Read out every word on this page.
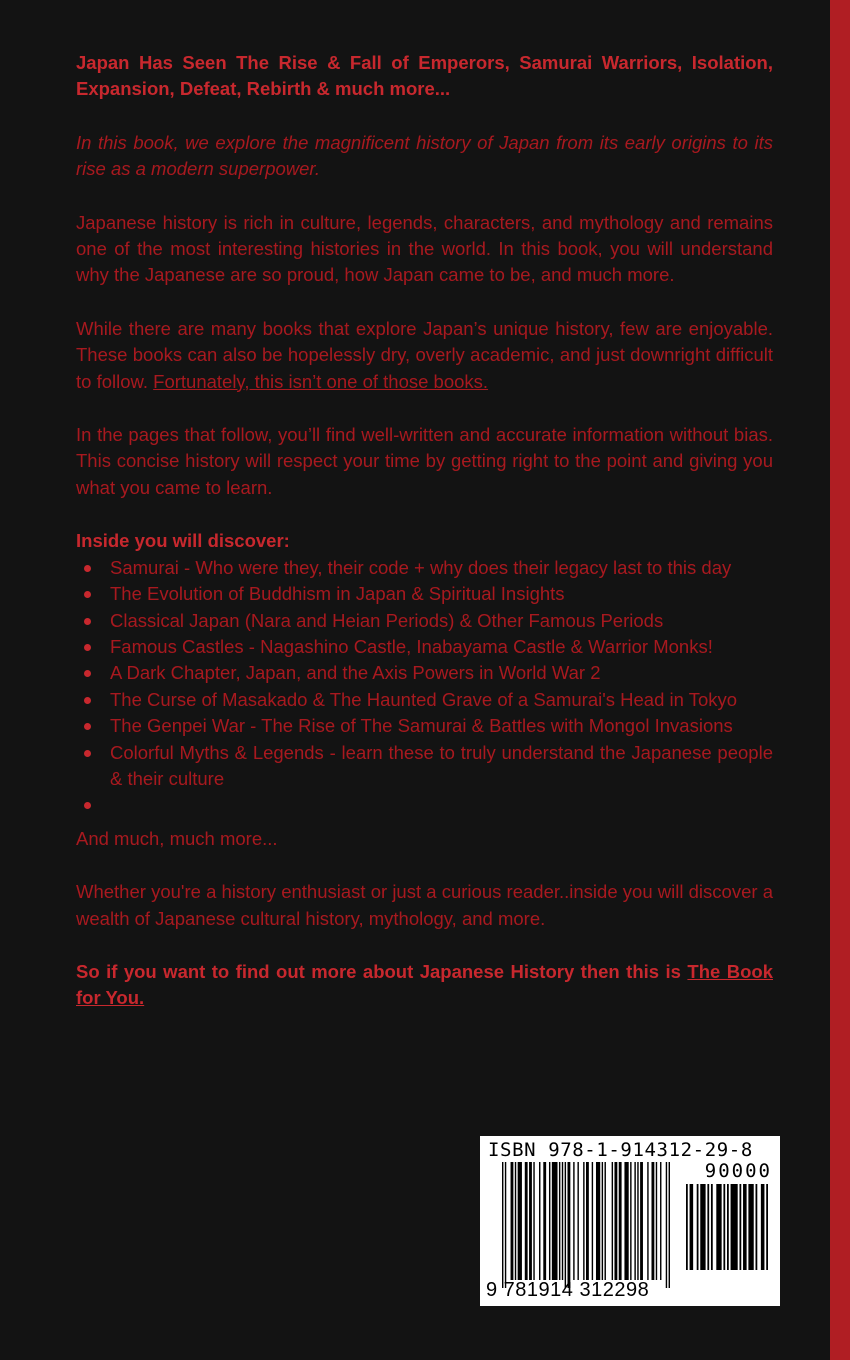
Japan Has Seen The Rise & Fall of Emperors, Samurai Warriors, Isolation, Expansion, Defeat, Rebirth & much more...

In this book, we explore the magnificent history of Japan from its early origins to its rise as a modern superpower.

Japanese history is rich in culture, legends, characters, and mythology and remains one of the most interesting histories in the world. In this book, you will understand why the Japanese are so proud, how Japan came to be, and much more.

While there are many books that explore Japan’s unique history, few are enjoyable. These books can also be hopelessly dry, overly academic, and just downright difficult to follow. Fortunately, this isn’t one of those books.

In the pages that follow, you’ll find well-written and accurate information without bias. This concise history will respect your time by getting right to the point and giving you what you came to learn.

Inside you will discover:

Samurai - Who were they, their code + why does their legacy last to this day
The Evolution of Buddhism in Japan & Spiritual Insights
Classical Japan (Nara and Heian Periods) & Other Famous Periods
Famous Castles - Nagashino Castle, Inabayama Castle & Warrior Monks!
A Dark Chapter, Japan, and the Axis Powers in World War 2
The Curse of Masakado & The Haunted Grave of a Samurai's Head in Tokyo
The Genpei War - The Rise of The Samurai & Battles with Mongol Invasions
Colorful Myths & Legends - learn these to truly understand the Japanese people & their culture

And much, much more...

Whether you're a history enthusiast or just a curious reader..inside you will discover a wealth of Japanese cultural history, mythology, and more.

So if you want to find out more about Japanese History then this is The Book for You.

ISBN 978-1-914312-29-8
90000
9 781914 312298
